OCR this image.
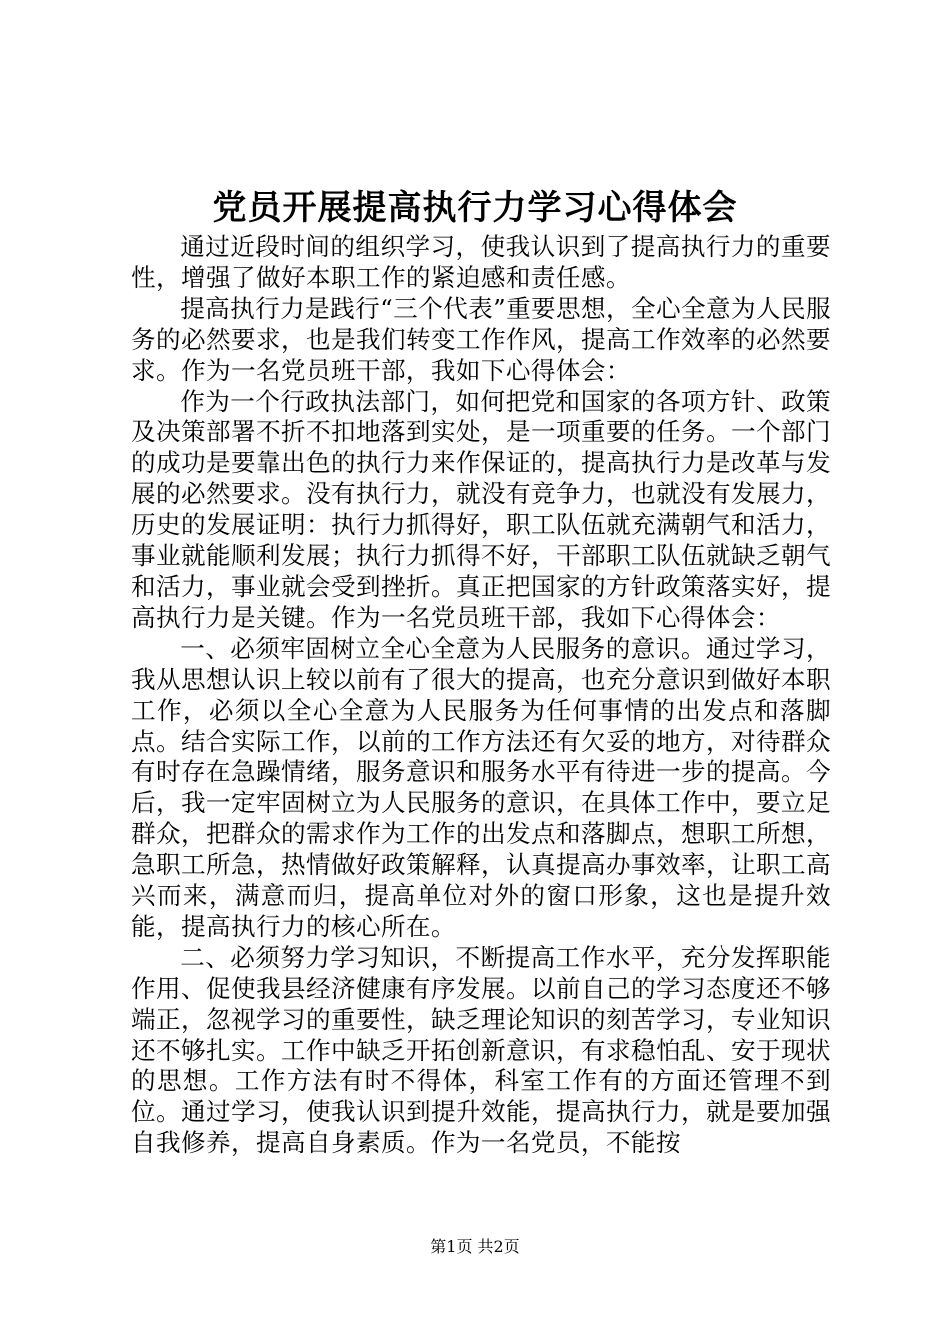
党员开展提高执行力学习心得体会

通过近段时间的组织学习，使我认识到了提高执行力的重要性，增强了做好本职工作的紧迫感和责任感。

提高执行力是践行“三个代表”重要思想，全心全意为人民服务的必然要求，也是我们转变工作作风，提高工作效率的必然要求。作为一名党员班干部，我如下心得体会：

作为一个行政执法部门，如何把党和国家的各项方针、政策及决策部署不折不扣地落到实处，是一项重要的任务。一个部门的成功是要靠出色的执行力来作保证的，提高执行力是改革与发展的必然要求。没有执行力，就没有竞争力，也就没有发展力，历史的发展证明：执行力抓得好，职工队伍就充满朝气和活力，事业就能顺利发展；执行力抓得不好，干部职工队伍就缺乏朝气和活力，事业就会受到挫折。真正把国家的方针政策落实好，提高执行力是关键。作为一名党员班干部，我如下心得体会：

一、必须牢固树立全心全意为人民服务的意识。通过学习，我从思想认识上较以前有了很大的提高，也充分意识到做好本职工作，必须以全心全意为人民服务为任何事情的出发点和落脚点。结合实际工作，以前的工作方法还有欠妥的地方，对待群众有时存在急躁情绪，服务意识和服务水平有待进一步的提高。今后，我一定牢固树立为人民服务的意识，在具体工作中，要立足群众，把群众的需求作为工作的出发点和落脚点，想职工所想，急职工所急，热情做好政策解释，认真提高办事效率，让职工高兴而来，满意而归，提高单位对外的窗口形象，这也是提升效能，提高执行力的核心所在。

二、必须努力学习知识，不断提高工作水平，充分发挥职能作用、促使我县经济健康有序发展。以前自己的学习态度还不够端正，忽视学习的重要性，缺乏理论知识的刻苦学习，专业知识还不够扎实。工作中缺乏开拓创新意识，有求稳怕乱、安于现状的思想。工作方法有时不得体，科室工作有的方面还管理不到位。通过学习，使我认识到提升效能，提高执行力，就是要加强自我修养，提高自身素质。作为一名党员，不能按

第1页 共2页
